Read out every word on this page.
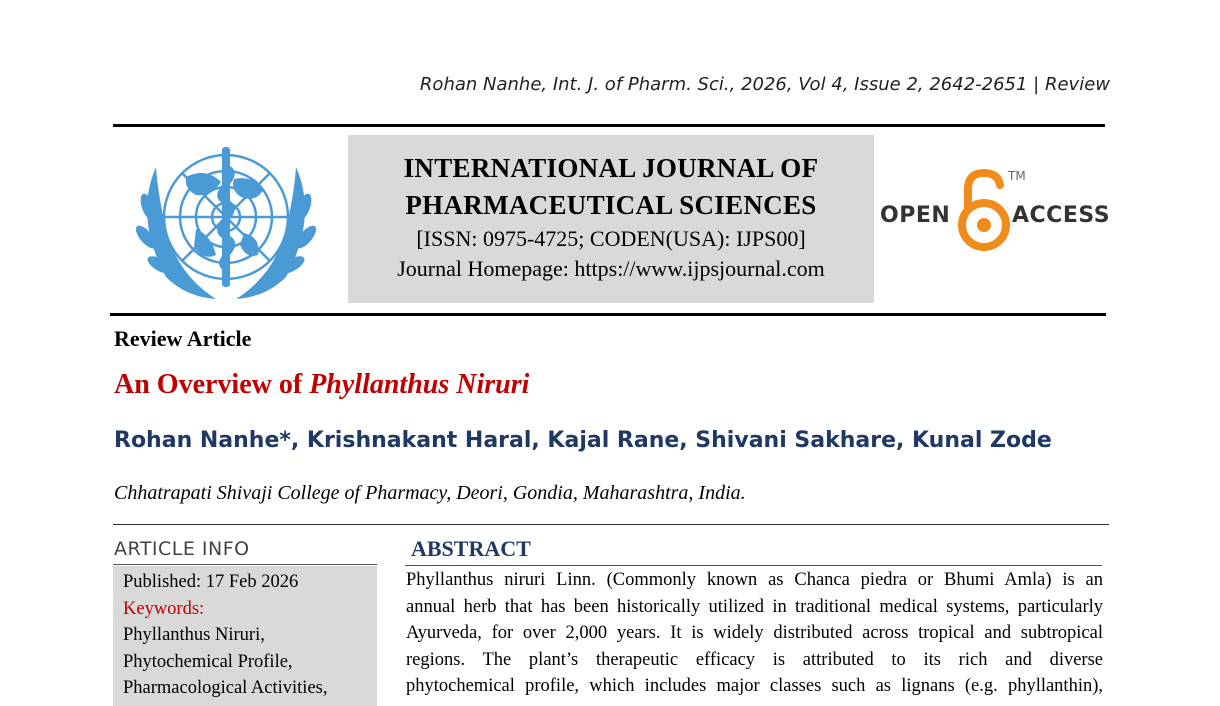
Rohan Nanhe, Int. J. of Pharm. Sci., 2026, Vol 4, Issue 2, 2642-2651 | Review
INTERNATIONAL JOURNAL OF
PHARMACEUTICAL SCIENCES
[ISSN: 0975-4725; CODEN(USA): IJPS00]
Journal Homepage: https://www.ijpsjournal.com
OPEN
TM
ACCESS
Review Article
An Overview of Phyllanthus Niruri
Rohan Nanhe*, Krishnakant Haral, Kajal Rane, Shivani Sakhare, Kunal Zode
Chhatrapati Shivaji College of Pharmacy, Deori, Gondia, Maharashtra, India.
ARTICLE INFO
Published: 17 Feb 2026
Keywords:
Phyllanthus Niruri,
Phytochemical Profile,
Pharmacological Activities,
ABSTRACT
Phyllanthus niruri Linn. (Commonly known as Chanca piedra or Bhumi Amla) is an
annual herb that has been historically utilized in traditional medical systems, particularly
Ayurveda, for over 2,000 years. It is widely distributed across tropical and subtropical
regions. The plant’s therapeutic efficacy is attributed to its rich and diverse
phytochemical profile, which includes major classes such as lignans (e.g. phyllanthin),
